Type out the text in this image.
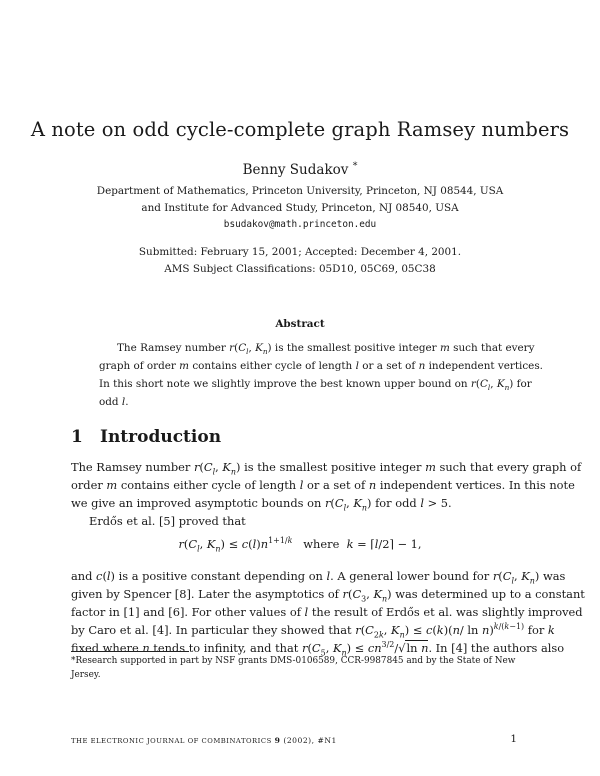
A note on odd cycle-complete graph Ramsey numbers
Benny Sudakov *
Department of Mathematics, Princeton University, Princeton, NJ 08544, USA
and Institute for Advanced Study, Princeton, NJ 08540, USA
bsudakov@math.princeton.edu
Submitted: February 15, 2001; Accepted: December 4, 2001.
AMS Subject Classifications: 05D10, 05C69, 05C38
Abstract
The Ramsey number $r(C_l$, $K_n$) is the smallest positive integer m such that every
graph of order m contains either cycle of length l or a set of n independent vertices.
In this short note we slightly improve the best known upper bound on $r(C_l$, $K_n$) for
odd l.
1 Introduction
The Ramsey number $r(C_l$, $K_n$) is the smallest positive integer m such that every graph of
order m contains either cycle of length l or a set of n independent vertices. In this note
we give an improved asymptotic bounds on $r(C_l$, $K_n$) for odd l > 5.
Erdős et al. [5] proved that
$r(C_l$, $K_n) \le c(l)n^{1+1/k}$   where  k = ⌈l/2⌉ − 1,
and c(l) is a positive constant depending on l. A general lower bound for $r(C_l$, $K_n$) was
given by Spencer [8]. Later the asymptotics of $r(C_3$, $K_n$) was determined up to a constant
factor in [1] and [6]. For other values of l the result of Erdős et al. was slightly improved
by Caro et al. [4]. In particular they showed that $r(C_{2k}$, $K_n) \le c(k)(n/$ ln n)$^{k/(k-1)}$ for k
fixed where n tends to infinity, and that $r(C_5$, $K_n) \le cn^{3/2}/√\ln$ n. In [4] the authors also
*Research supported in part by NSF grants DMS-0106589, CCR-9987845 and by the State of New
Jersey.
THE ELECTRONIC JOURNAL OF COMBINATORICS 9 (2002), #N1	1
